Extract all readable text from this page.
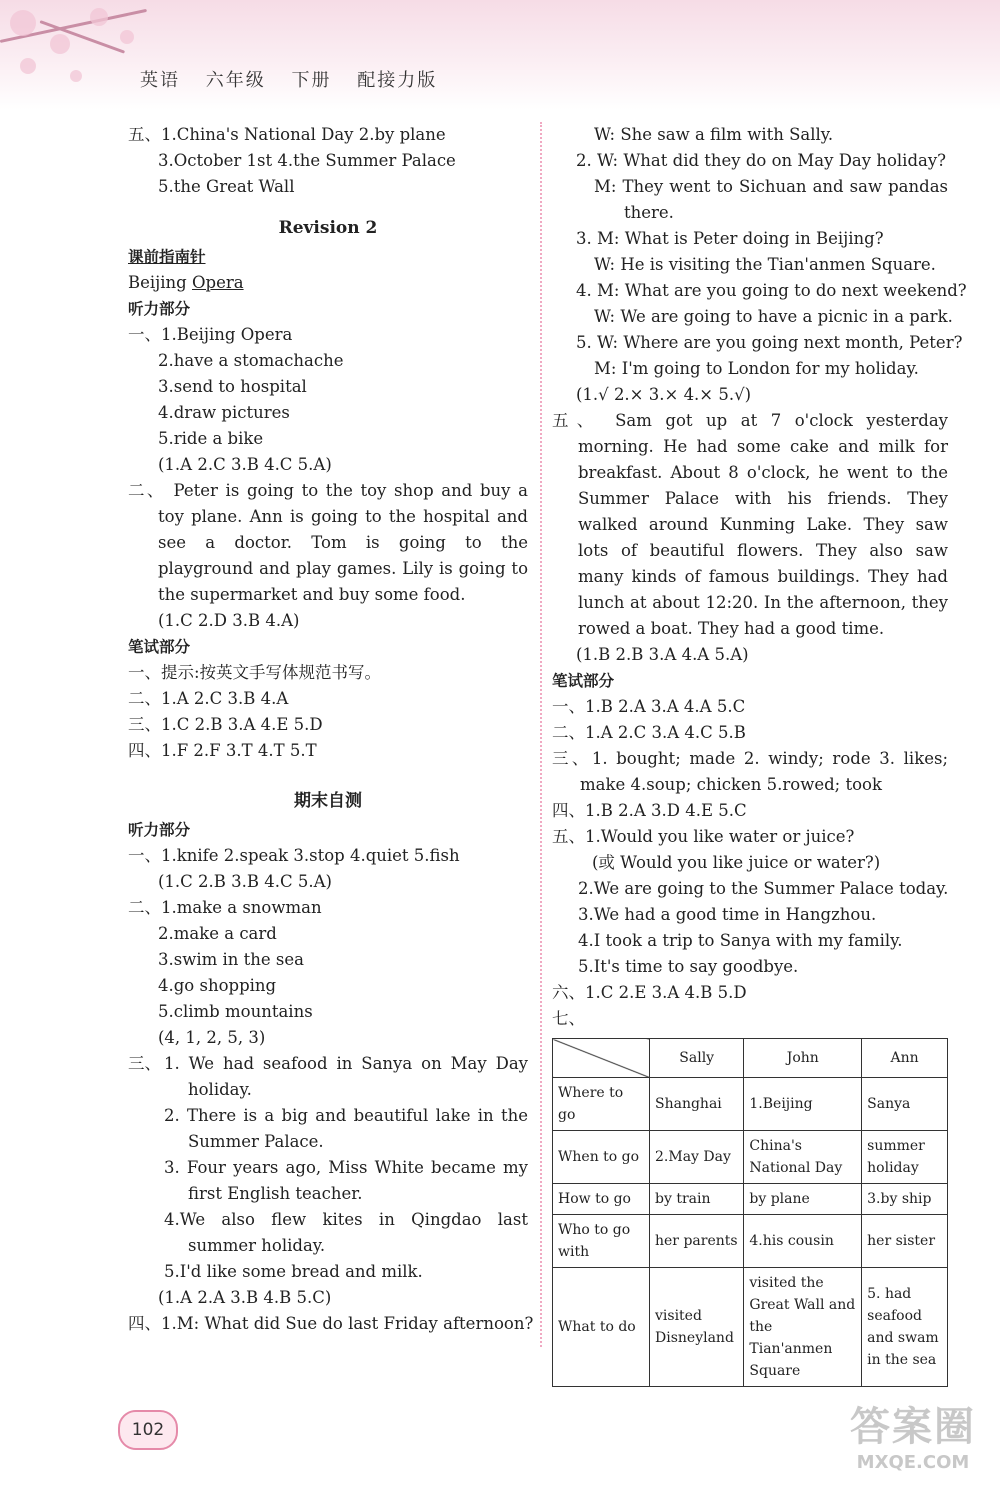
英语 六年级 下册 配接力版
五、1.China's National Day 2.by plane
3.October 1st 4.the Summer Palace
5.the Great Wall
Revision 2
课前指南针
Beijing Opera
听力部分
一、1.Beijing Opera
2.have a stomachache
3.send to hospital
4.draw pictures
5.ride a bike
(1.A 2.C 3.B 4.C 5.A)
二、 Peter is going to the toy shop and buy a toy plane. Ann is going to the hospital and see a doctor. Tom is going to the playground and play games. Lily is going to the supermarket and buy some food.
(1.C 2.D 3.B 4.A)
笔试部分
一、提示:按英文手写体规范书写。
二、1.A 2.C 3.B 4.A
三、1.C 2.B 3.A 4.E 5.D
四、1.F 2.F 3.T 4.T 5.T
期末自测
听力部分
一、1.knife 2.speak 3.stop 4.quiet 5.fish
(1.C 2.B 3.B 4.C 5.A)
二、1.make a snowman
2.make a card
3.swim in the sea
4.go shopping
5.climb mountains
(4, 1, 2, 5, 3)
三、 1. We had seafood in Sanya on May Day holiday.
2. There is a big and beautiful lake in the Summer Palace.
3. Four years ago, Miss White became my first English teacher.
4.We also flew kites in Qingdao last summer holiday.
5.I'd like some bread and milk.
(1.A 2.A 3.B 4.B 5.C)
四、1.M: What did Sue do last Friday afternoon?
W: She saw a film with Sally.
2. W: What did they do on May Day holiday?
M: They went to Sichuan and saw pandas there.
3. M: What is Peter doing in Beijing?
W: He is visiting the Tian'anmen Square.
4. M: What are you going to do next weekend?
W: We are going to have a picnic in a park.
5. W: Where are you going next month, Peter?
M: I'm going to London for my holiday.
(1.√ 2.× 3.× 4.× 5.√)
五、 Sam got up at 7 o'clock yesterday morning. He had some cake and milk for breakfast. About 8 o'clock, he went to the Summer Palace with his friends. They walked around Kunming Lake. They saw lots of beautiful flowers. They also saw many kinds of famous buildings. They had lunch at about 12:20. In the afternoon, they rowed a boat. They had a good time.
(1.B 2.B 3.A 4.A 5.A)
笔试部分
一、1.B 2.A 3.A 4.A 5.C
二、1.A 2.C 3.A 4.C 5.B
三、1. bought; made 2. windy; rode 3. likes; make 4.soup; chicken 5.rowed; took
四、1.B 2.A 3.D 4.E 5.C
五、1.Would you like water or juice?
(或 Would you like juice or water?)
2.We are going to the Summer Palace today.
3.We had a good time in Hangzhou.
4.I took a trip to Sanya with my family.
5.It's time to say goodbye.
六、1.C 2.E 3.A 4.B 5.D
七、
	Sally	John	Ann
Where to go	Shanghai	1.Beijing	Sanya
When to go	2.May Day	China's National Day	summer holiday
How to go	by train	by plane	3.by ship
Who to go with	her parents	4.his cousin	her sister
What to do	visited Disneyland	visited the Great Wall and the Tian'anmen Square	5. had seafood and swam in the sea
102	答案圈
MXQE.COM
